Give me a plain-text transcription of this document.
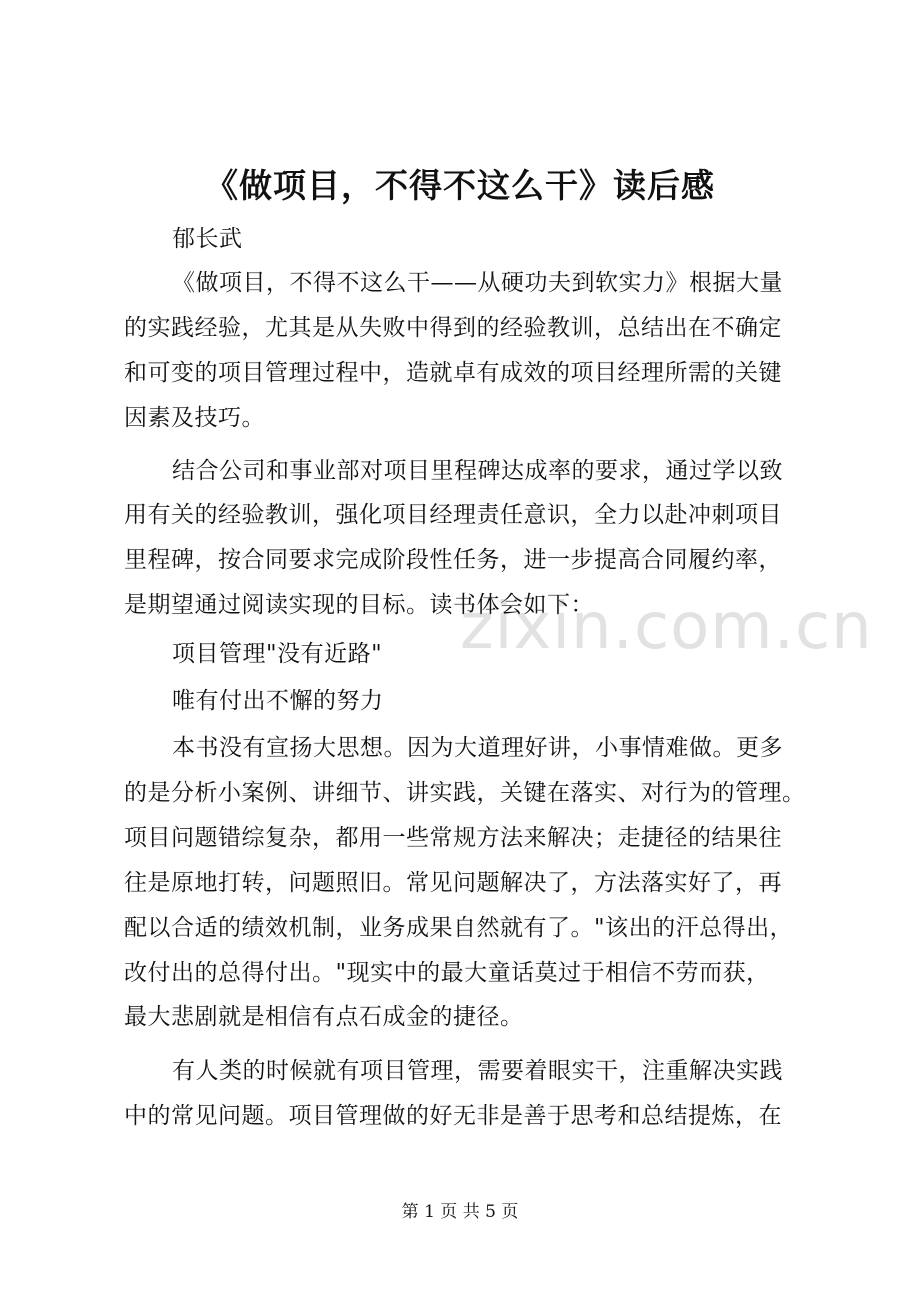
《做项目，不得不这么干》读后感
郁长武
《做项目，不得不这么干——从硬功夫到软实力》根据大量
的实践经验，尤其是从失败中得到的经验教训，总结出在不确定
和可变的项目管理过程中，造就卓有成效的项目经理所需的关键
因素及技巧。
结合公司和事业部对项目里程碑达成率的要求，通过学以致
用有关的经验教训，强化项目经理责任意识，全力以赴冲刺项目
里程碑，按合同要求完成阶段性任务，进一步提高合同履约率，
是期望通过阅读实现的目标。读书体会如下：
项目管理"没有近路"
唯有付出不懈的努力
本书没有宣扬大思想。因为大道理好讲，小事情难做。更多
的是分析小案例、讲细节、讲实践，关键在落实、对行为的管理。
项目问题错综复杂，都用一些常规方法来解决；走捷径的结果往
往是原地打转，问题照旧。常见问题解决了，方法落实好了，再
配以合适的绩效机制，业务成果自然就有了。"该出的汗总得出，
改付出的总得付出。"现实中的最大童话莫过于相信不劳而获，
最大悲剧就是相信有点石成金的捷径。
有人类的时候就有项目管理，需要着眼实干，注重解决实践
中的常见问题。项目管理做的好无非是善于思考和总结提炼，在
zixin.com.cn
第 1 页 共 5 页
